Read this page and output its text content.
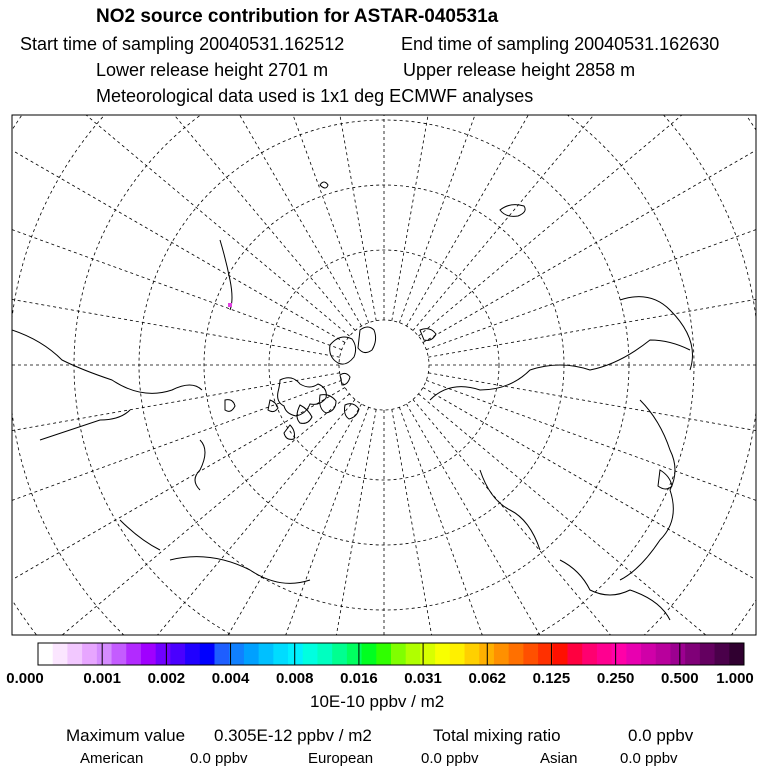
NO2 source contribution for ASTAR-040531a
Start time of sampling 20040531.162512	End time of sampling 20040531.162630
Lower release height 2701 m	Upper release height 2858 m
Meteorological data used is 1x1 deg ECMWF analyses
0.000	0.001 0.002 0.004 0.008 0.016 0.031 0.062 0.125 0.250 0.500 1.000
10E-10 ppbv / m2
Maximum value 0.305E-12 ppbv / m2	Total mixing ratio	0.0 ppbv
American	0.0 ppbv	European	0.0 ppbv	Asian	0.0 ppbv
